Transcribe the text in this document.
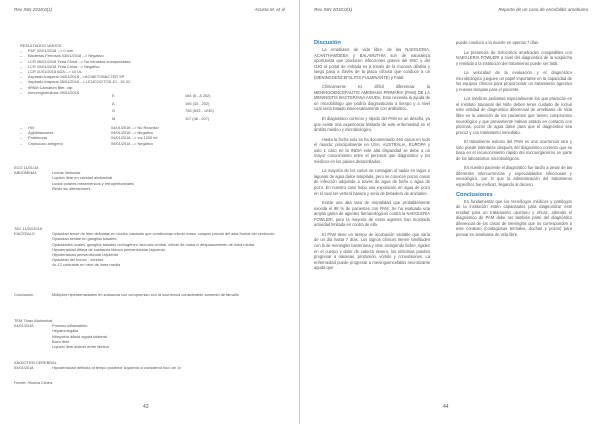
Rev INN 2018;0(1)	Acosta M, et al
RESULTADOS VARIOS
–	PDF 02/01/2018 --> 0 mm
–	Bacterias Ferrosas 03/01/2018 --> Negativo
–	LCR 06/01/2018 Tinta China --> No cerradas encapsuladas
–	LCR 10/01/2018 Tinta China --> Negativo
–	LCR 11/01/2018 ADA --> 10 UL
–	Aspirado traqueal 04/01/2018 -->ACINETOBACTER SP
–	Aspirado traqueal 06/01/2018 --> LEUCOCITOS 10 - 15 XC
–	rtPAM Carnatum Bife, clip
–	Inmunoglobulinas 09/01/2018
E	164 (8 - A 252)
A	106 (33 - 202)
G	748 (533 - 1230)
M	117 (48 - 207)
–	HIV	04/01/2018 --> No Reactivo
–	Aglutinaciones	04/01/2018 --> Negativo
–	Proteinuria	04/01/2018 --> vol 1200 ml
–	Criptococo antígeno	09/01/2018 --> Negativo
ECO 11/01/18
ABDOMINAL	Líneas Vesicular
Líquido libre en cavidad abdominal
Lodos polares mesentéricos y retroperitoneales
Resto sin alteraciones
TAC 11/02/2018
ENCEFALO	Opacidad tenue de bien definidas en núcleo caudado que condicionan efecto masa, colapso parcial del asta frontal del ventrículo
Opacidad similar en ganglios basales
Opacidades ovales, ganglios basales homogéneo necrosis central, efecto de masa c/ desplazamiento de línea media
Hipodensidad difusa de sustancia blanca periventricular izquierdo
Hipodensidad periventricular izquierdo
Opacidad del tronco - cerebro
4o-12 contraste en nivel de línea media
Conclusión	Múltiples hiperdensidades en sustancia con compromiso con la ocurrencia considerable aumento de tamaño
TEM Tórax Abdominal
04/01/2018	Proceso inflamatorio
Hepatomegalia
Nitropatía difusa aguda bilateral
Bazo libre
Líquido libre abierto entre lámina
ANGIOTEM CEREBRAL
04/01/2018	Hipodensidad definida al tempo posterior izquierdo a considerar foco de 1x
Fuente: Historia Clínica
43
Rev INN 2018;0(1)	Reporte de un caso de encefalitis amebiana
Discusión

La Amebiasis de vida libre, de las NAEGLERIA, ACANTHAMOEBA y BALAMUTHIA son de naturaleza oportunista que producen infecciones graves del SNC y del OJO el portal de entrada es a través de la mucosa olfativa y luego pasa a través de la placa cribosa que conduce a un (MENINGOENCEFALITIS FULMINANTE) y Fatal.

Clínicamente es difícil diferenciar la MENINGOENCEFALITIS AMEBIANA PRIMARIA (PAM) DE LA MENINGITIS BACTERIANA AGUDA. Esto necesita la ayuda de un microbiólogo que podría diagnosticarlo a tiempo y a nivel cual sería tratado innecesariamente con antibiótico.

El diagnóstico correcto y rápido del PAM es un desafío, ya que existe una experiencia limitada de este enfermedad en el ámbito médico y microbiológico.

Hasta la fecha solo se ha documentado 440 casos en todo el mundo: principalmente en USA, AUSTRALIA, EUROPA y solo 1 caso en la INDIA este alta disparidad se debe a un mayor conocimiento entre el personal que diagnóstico y los médicos en los países desarrollados.

La mayoría de los casos se contagian al nadar en lagos o lagunas de agua dulce templada, pero se conocen pocos casos de infección adquirida a través de agua de baño o agua de pozo. En nuestro caso hubo una exposición en agua de pozo en el cual ser verterá basura y seria de bebedero de animales.

Existe una alta tasa de mortalidad que probablemente exceda el 98 % de pacientes con PAM. Se ha evaluado una amplia gama de agentes farmacológicos contra la NAEGLERIA FOWLERI, pero la mayoría de estos agentes han mostrado actividad limitada en contra de ella.

El PAM tiene un tiempo de incubación variable que varía de un día hasta 7 días. Los signos clínicos tienen similitudes con la de meningitis bacteriana y viral, incluyendo fiebre, rigidez en el cuerpo y dolor de cabeza severo, los síntomas pueden progresar a náuseas, protrusión, vómito y convulsiones. La enfermedad puede progresar a meningoencefalitis necrotizante aguda que

puede conducir a la muerte en apenas 7 días.

La presencia de trofozoítos ameboides compatibles con NAEGLERIA FOWLERI a nivel del diagnóstico de la sospecha y remitida a la institución del tratamiento puede ser fatal.

La velocidad de la evaluación y el diagnóstico microbiológico jueguen un papel importante en la capacidad de los equipos clínicos para proporcionar un tratamiento agresivo y nuevas terapias para el paciente.

Los médicos pediatras especialmente los que practican en el Instituto Nacional del Niño deben tener cuidado de incluir este entidad de diagnóstico diferencial de amebiasis de Vida libre en la atención de los pacientes que tienen compromiso neurológico y que previamente habían estado en contacto con piscinas, pozos de agua dulce para que el diagnóstico sea precoz y con tratamiento inmediato.

El tratamiento exitoso del PAM es una ocurrencia rara y solo puede intentarse después del diagnóstico correcto que se basa en el reconocimiento rápido del microorganismo en parte de los laboratorios microbiológicos.

En nuestro paciente el diagnóstico fue tardío a pesar de las diferentes intercurrencias y especialidades infecciosas y neurológico, por lo que la administración del tratamiento específico fue ineficaz, llegando al deceso.

Conclusiones

En fundamental que los tecnólogos médicos y patólogos de la institución estén capacitados para diagnosticar este entidad para un tratamiento oportuno y eficaz, además el diagnóstico de PAM debe ser también parte del diagnóstico diferencial de los casos de Meningitis que no corresponden a este contexto (contagiosas termales, duchas y pozos) para pensar en amebiasis de vida libre.

44
